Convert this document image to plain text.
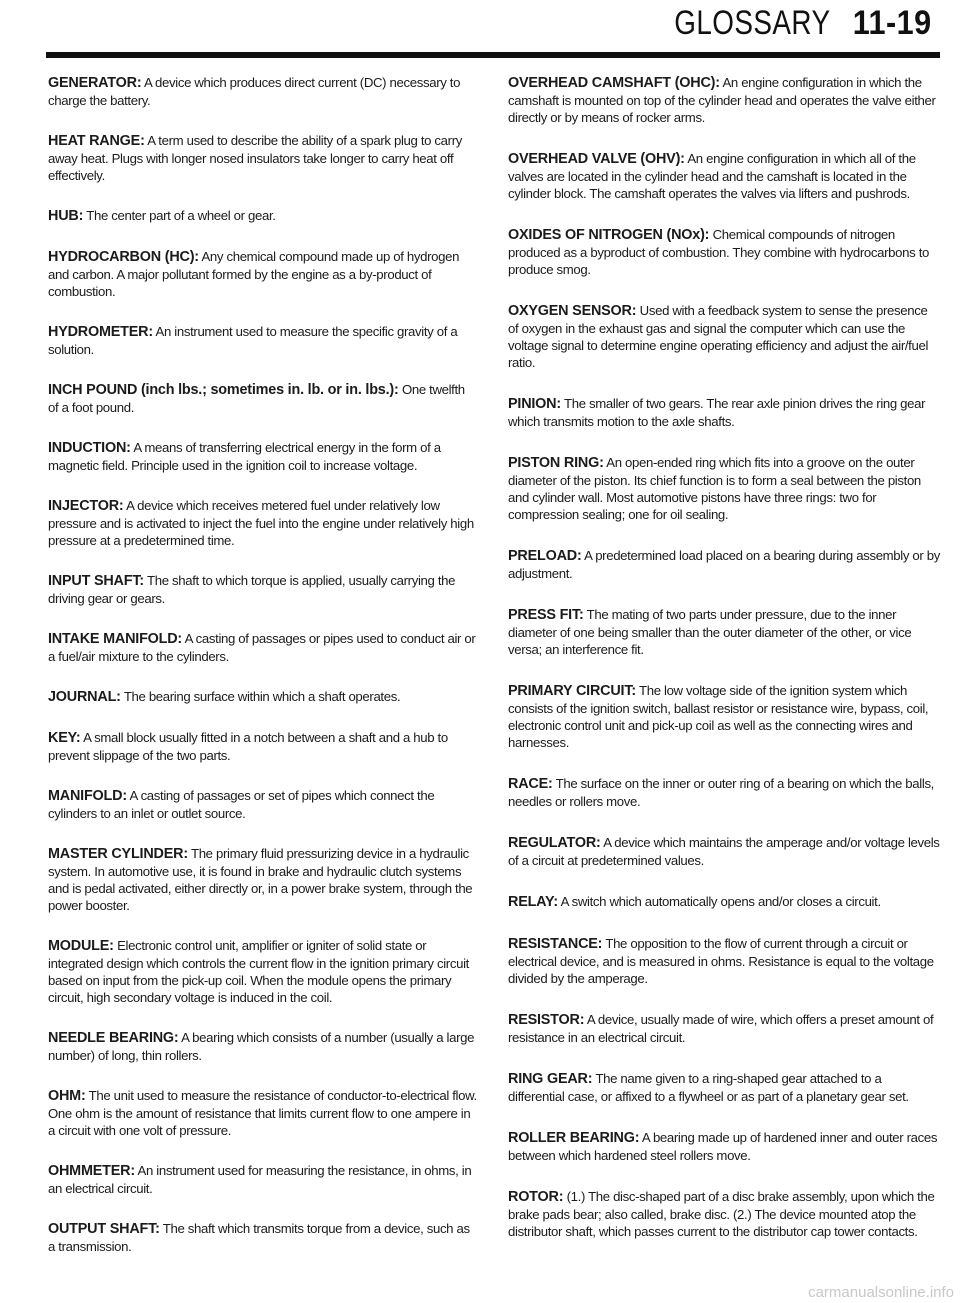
GLOSSARY 11-19

GENERATOR: A device which produces direct current (DC) necessary to charge the battery.

HEAT RANGE: A term used to describe the ability of a spark plug to carry away heat. Plugs with longer nosed insulators take longer to carry heat off effectively.

HUB: The center part of a wheel or gear.

HYDROCARBON (HC): Any chemical compound made up of hydrogen and carbon. A major pollutant formed by the engine as a by-product of combustion.

HYDROMETER: An instrument used to measure the specific gravity of a solution.

INCH POUND (inch lbs.; sometimes in. lb. or in. lbs.): One twelfth of a foot pound.

INDUCTION: A means of transferring electrical energy in the form of a magnetic field. Principle used in the ignition coil to increase voltage.

INJECTOR: A device which receives metered fuel under relatively low pressure and is activated to inject the fuel into the engine under relatively high pressure at a predetermined time.

INPUT SHAFT: The shaft to which torque is applied, usually carrying the driving gear or gears.

INTAKE MANIFOLD: A casting of passages or pipes used to conduct air or a fuel/air mixture to the cylinders.

JOURNAL: The bearing surface within which a shaft operates.

KEY: A small block usually fitted in a notch between a shaft and a hub to prevent slippage of the two parts.

MANIFOLD: A casting of passages or set of pipes which connect the cylinders to an inlet or outlet source.

MASTER CYLINDER: The primary fluid pressurizing device in a hydraulic system. In automotive use, it is found in brake and hydraulic clutch systems and is pedal activated, either directly or, in a power brake system, through the power booster.

MODULE: Electronic control unit, amplifier or igniter of solid state or integrated design which controls the current flow in the ignition primary circuit based on input from the pick-up coil. When the module opens the primary circuit, high secondary voltage is induced in the coil.

NEEDLE BEARING: A bearing which consists of a number (usually a large number) of long, thin rollers.

OHM: The unit used to measure the resistance of conductor-to-electrical flow. One ohm is the amount of resistance that limits current flow to one ampere in a circuit with one volt of pressure.

OHMMETER: An instrument used for measuring the resistance, in ohms, in an electrical circuit.

OUTPUT SHAFT: The shaft which transmits torque from a device, such as a transmission.

OVERHEAD CAMSHAFT (OHC): An engine configuration in which the camshaft is mounted on top of the cylinder head and operates the valve either directly or by means of rocker arms.

OVERHEAD VALVE (OHV): An engine configuration in which all of the valves are located in the cylinder head and the camshaft is located in the cylinder block. The camshaft operates the valves via lifters and pushrods.

OXIDES OF NITROGEN (NOx): Chemical compounds of nitrogen produced as a byproduct of combustion. They combine with hydrocarbons to produce smog.

OXYGEN SENSOR: Used with a feedback system to sense the presence of oxygen in the exhaust gas and signal the computer which can use the voltage signal to determine engine operating efficiency and adjust the air/fuel ratio.

PINION: The smaller of two gears. The rear axle pinion drives the ring gear which transmits motion to the axle shafts.

PISTON RING: An open-ended ring which fits into a groove on the outer diameter of the piston. Its chief function is to form a seal between the piston and cylinder wall. Most automotive pistons have three rings: two for compression sealing; one for oil sealing.

PRELOAD: A predetermined load placed on a bearing during assembly or by adjustment.

PRESS FIT: The mating of two parts under pressure, due to the inner diameter of one being smaller than the outer diameter of the other, or vice versa; an interference fit.

PRIMARY CIRCUIT: The low voltage side of the ignition system which consists of the ignition switch, ballast resistor or resistance wire, bypass, coil, electronic control unit and pick-up coil as well as the connecting wires and harnesses.

RACE: The surface on the inner or outer ring of a bearing on which the balls, needles or rollers move.

REGULATOR: A device which maintains the amperage and/or voltage levels of a circuit at predetermined values.

RELAY: A switch which automatically opens and/or closes a circuit.

RESISTANCE: The opposition to the flow of current through a circuit or electrical device, and is measured in ohms. Resistance is equal to the voltage divided by the amperage.

RESISTOR: A device, usually made of wire, which offers a preset amount of resistance in an electrical circuit.

RING GEAR: The name given to a ring-shaped gear attached to a differential case, or affixed to a flywheel or as part of a planetary gear set.

ROLLER BEARING: A bearing made up of hardened inner and outer races between which hardened steel rollers move.

ROTOR: (1.) The disc-shaped part of a disc brake assembly, upon which the brake pads bear; also called, brake disc. (2.) The device mounted atop the distributor shaft, which passes current to the distributor cap tower contacts.

carmanualsonline.info
